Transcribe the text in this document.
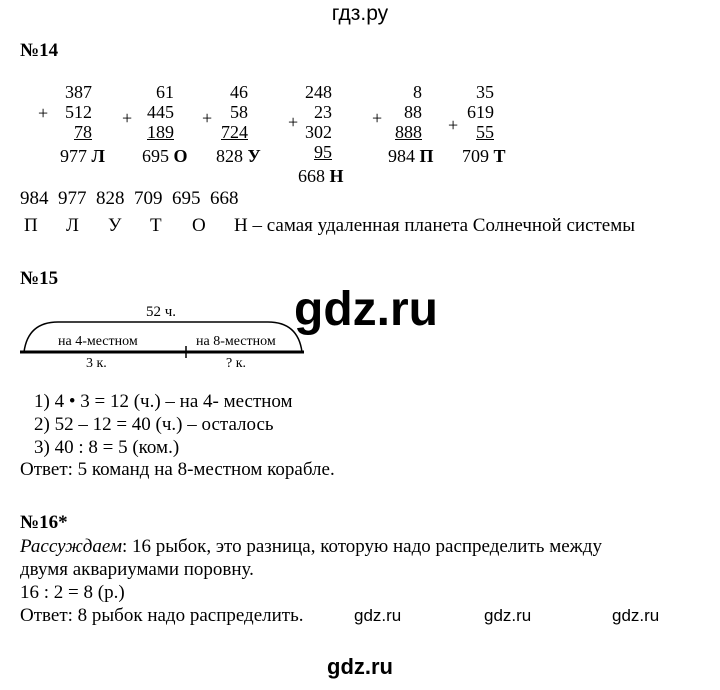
гдз.ру
№14
+
387
512
78
977 Л
+
61
445
189
695 О
+
46
58
724
828 У
+
248
23
302
95
668 Н
+
8
88
888
984 П
+
35
619
55
709 Т
984 977 828 709 695 668
П Л У Т О Н – самая удаленная планета Солнечной системы
№15
52 ч.
на 4-местном	на 8-местном
3 к.	? к.
gdz.ru
1) 4 • 3 = 12 (ч.) – на 4- местном
2) 52 – 12 = 40 (ч.) – осталось
3) 40 : 8 = 5 (ком.)
Ответ: 5 команд на 8-местном корабле.
№16*
Рассуждаем: 16 рыбок, это разница, которую надо распределить между
двумя аквариумами поровну.
16 : 2 = 8 (р.)
Ответ: 8 рыбок надо распределить.	gdz.ru	gdz.ru	gdz.ru
gdz.ru
